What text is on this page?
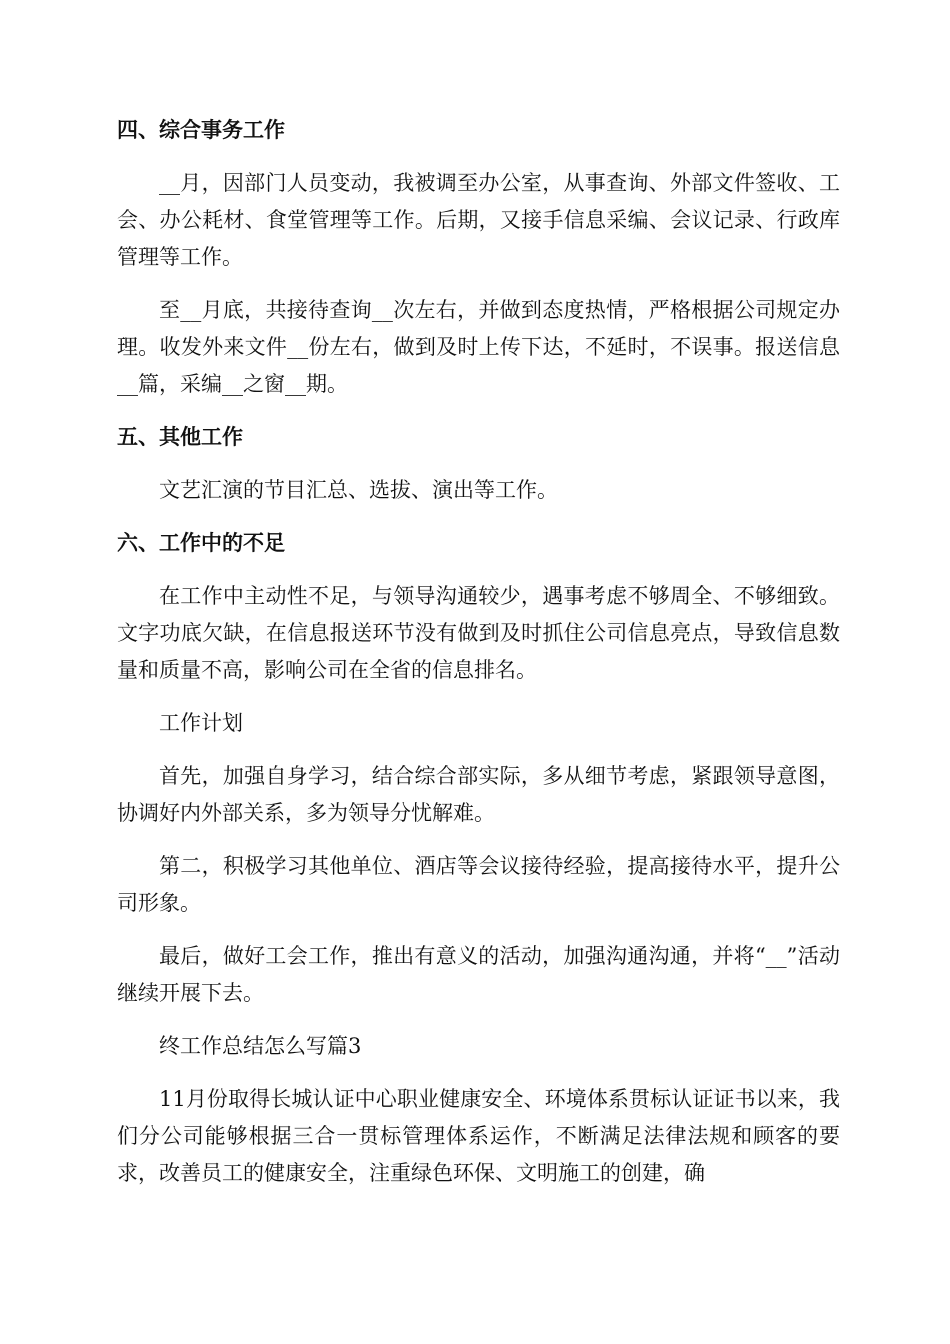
四、综合事务工作

__月，因部门人员变动，我被调至办公室，从事查询、外部文件签收、工会、办公耗材、食堂管理等工作。后期，又接手信息采编、会议记录、行政库管理等工作。

至__月底，共接待查询__次左右，并做到态度热情，严格根据公司规定办理。收发外来文件__份左右，做到及时上传下达，不延时，不误事。报送信息__篇，采编__之窗__期。

五、其他工作

文艺汇演的节目汇总、选拔、演出等工作。

六、工作中的不足

在工作中主动性不足，与领导沟通较少，遇事考虑不够周全、不够细致。文字功底欠缺，在信息报送环节没有做到及时抓住公司信息亮点，导致信息数量和质量不高，影响公司在全省的信息排名。

工作计划

首先，加强自身学习，结合综合部实际，多从细节考虑，紧跟领导意图，协调好内外部关系，多为领导分忧解难。

第二，积极学习其他单位、酒店等会议接待经验，提高接待水平，提升公司形象。

最后，做好工会工作，推出有意义的活动，加强沟通沟通，并将“__”活动继续开展下去。

终工作总结怎么写篇3

11月份取得长城认证中心职业健康安全、环境体系贯标认证证书以来，我们分公司能够根据三合一贯标管理体系运作，不断满足法律法规和顾客的要求，改善员工的健康安全，注重绿色环保、文明施工的创建，确
